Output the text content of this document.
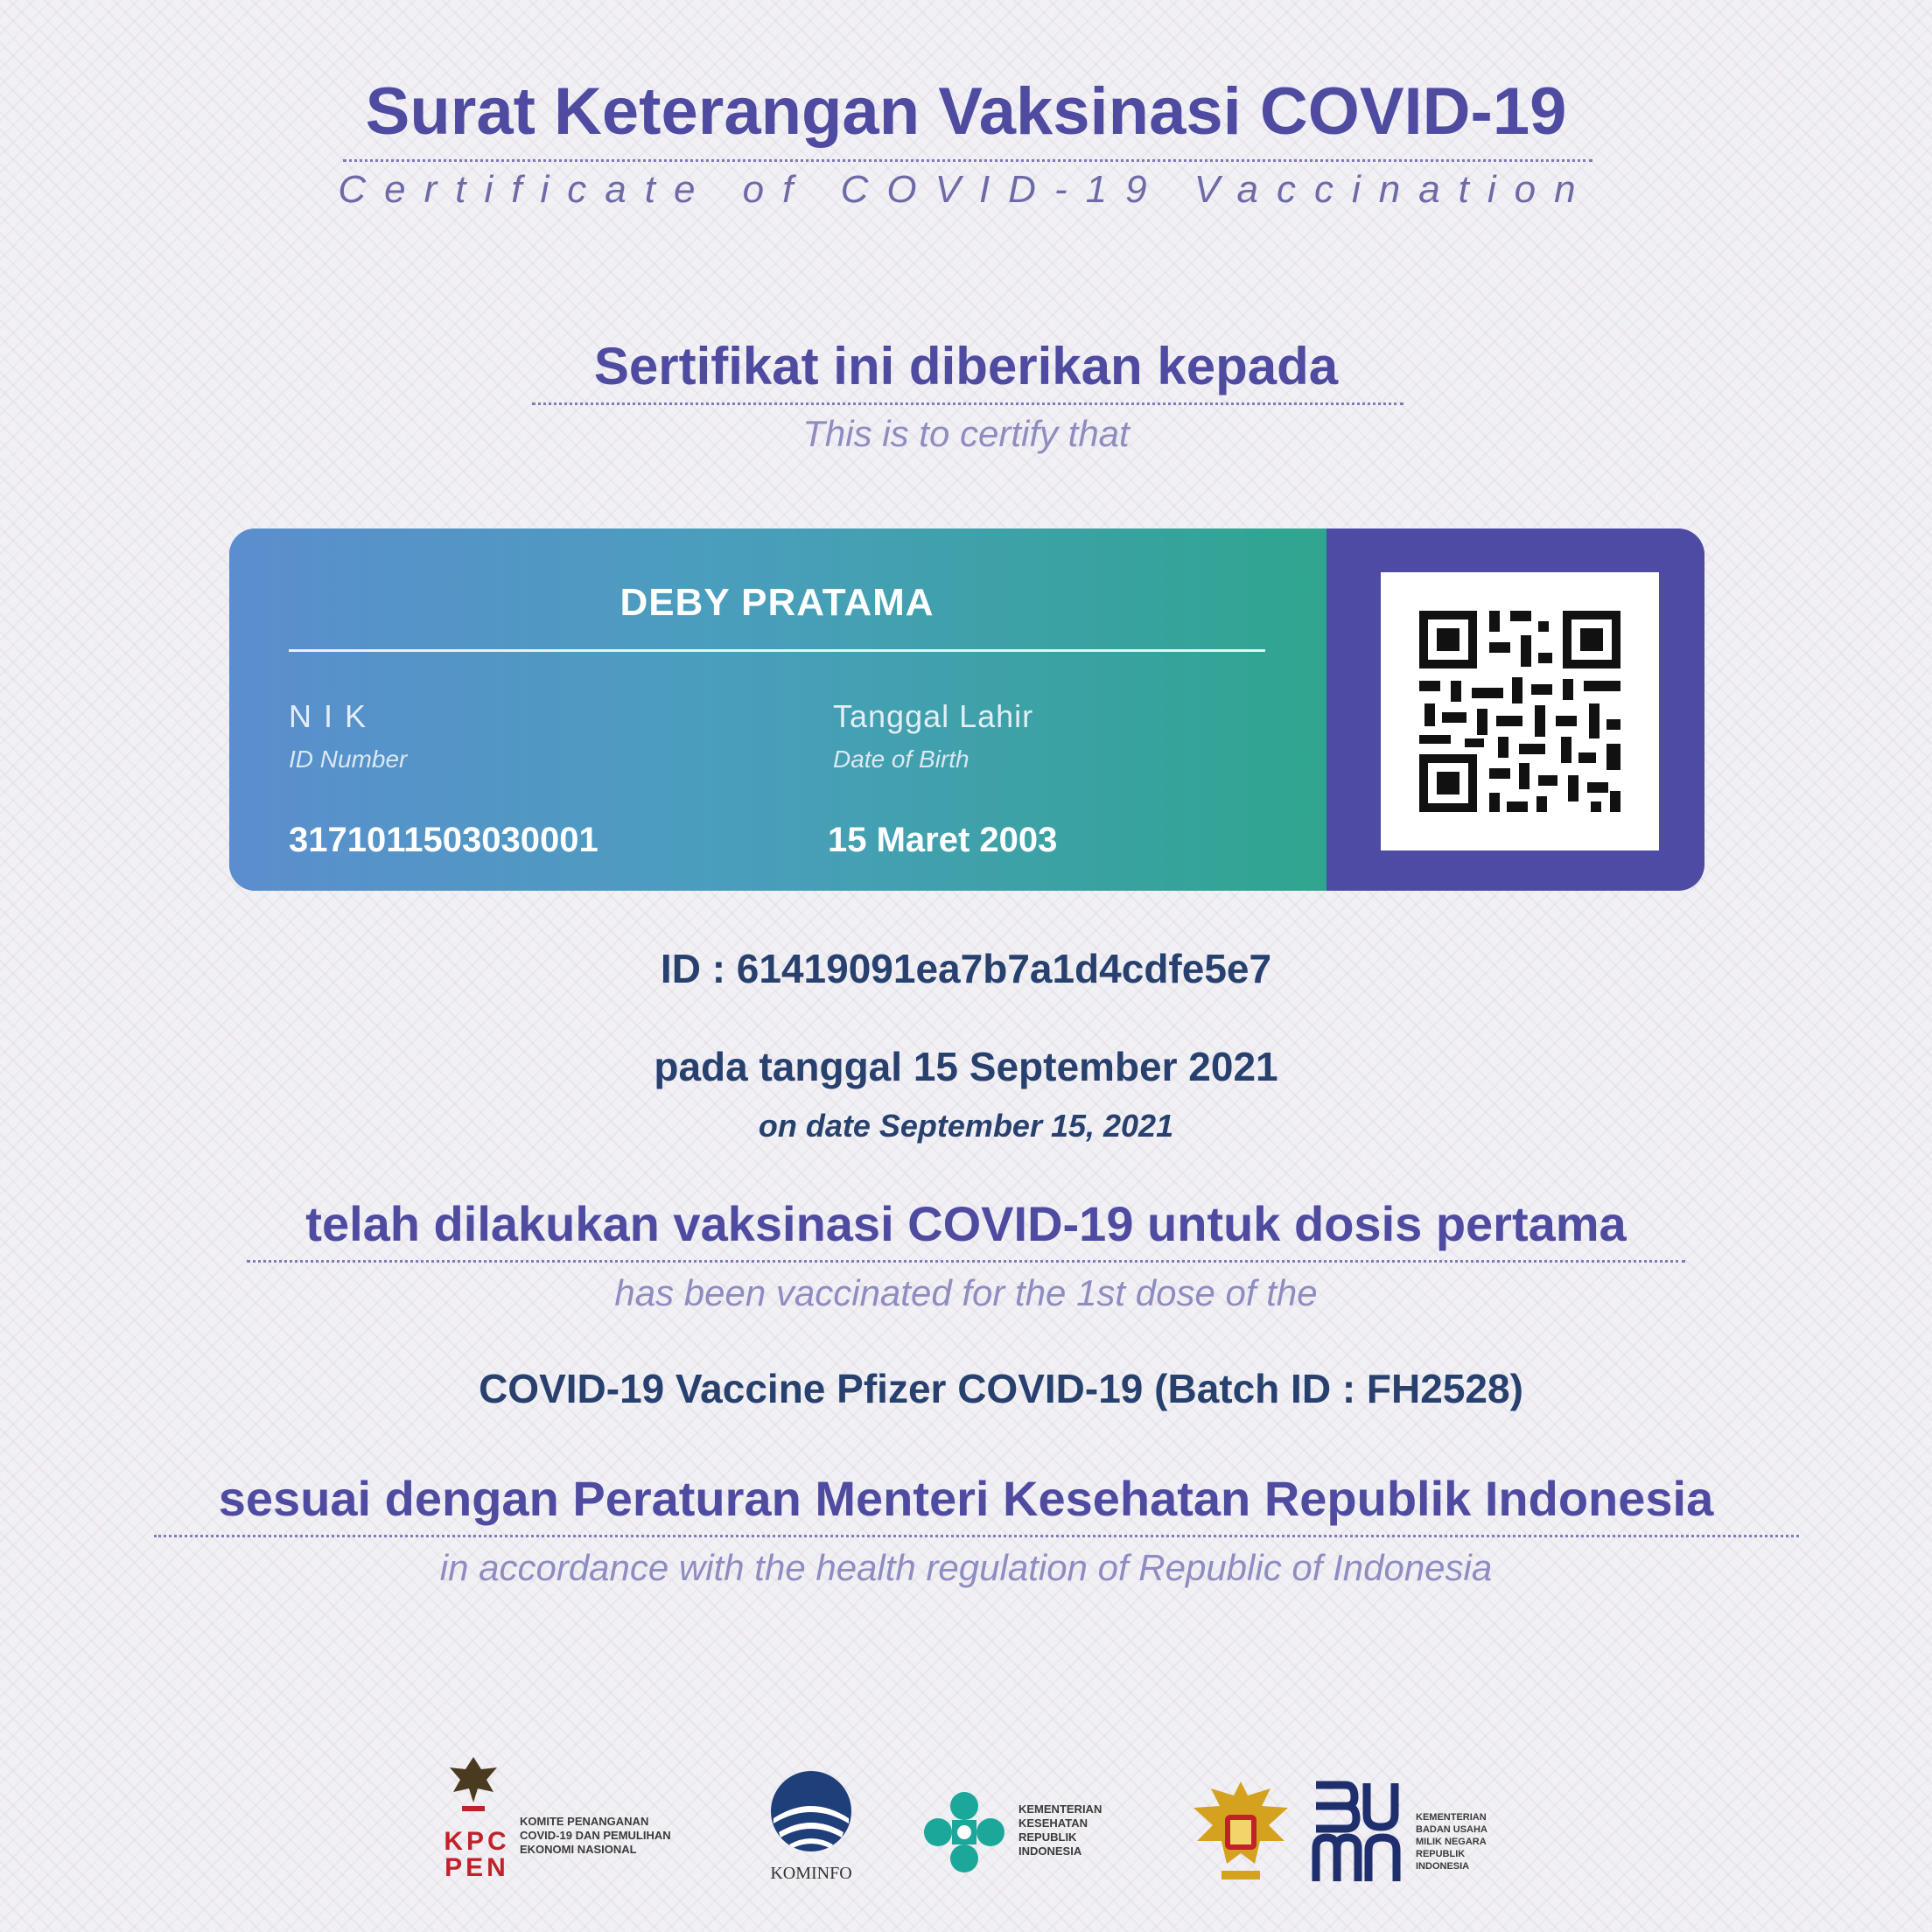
Surat Keterangan Vaksinasi COVID-19
Certificate of COVID-19 Vaccination
Sertifikat ini diberikan kepada
This is to certify that
DEBY PRATAMA
N I K
ID Number
3171011503030001
Tanggal Lahir
Date of Birth
15 Maret 2003
ID : 61419091ea7b7a1d4cdfe5e7
pada tanggal 15 September 2021
on date September 15, 2021
telah dilakukan vaksinasi COVID-19 untuk dosis pertama
has been vaccinated for the 1st dose of the
COVID-19 Vaccine Pfizer COVID-19 (Batch ID : FH2528)
sesuai dengan Peraturan Menteri Kesehatan Republik Indonesia
in accordance with the health regulation of Republic of Indonesia
KPC PEN
KOMITE PENANGANAN
COVID-19 DAN PEMULIHAN
EKONOMI NASIONAL
KOMINFO
KEMENTERIAN
KESEHATAN
REPUBLIK
INDONESIA
KEMENTERIAN
BADAN USAHA
MILIK NEGARA
REPUBLIK
INDONESIA
